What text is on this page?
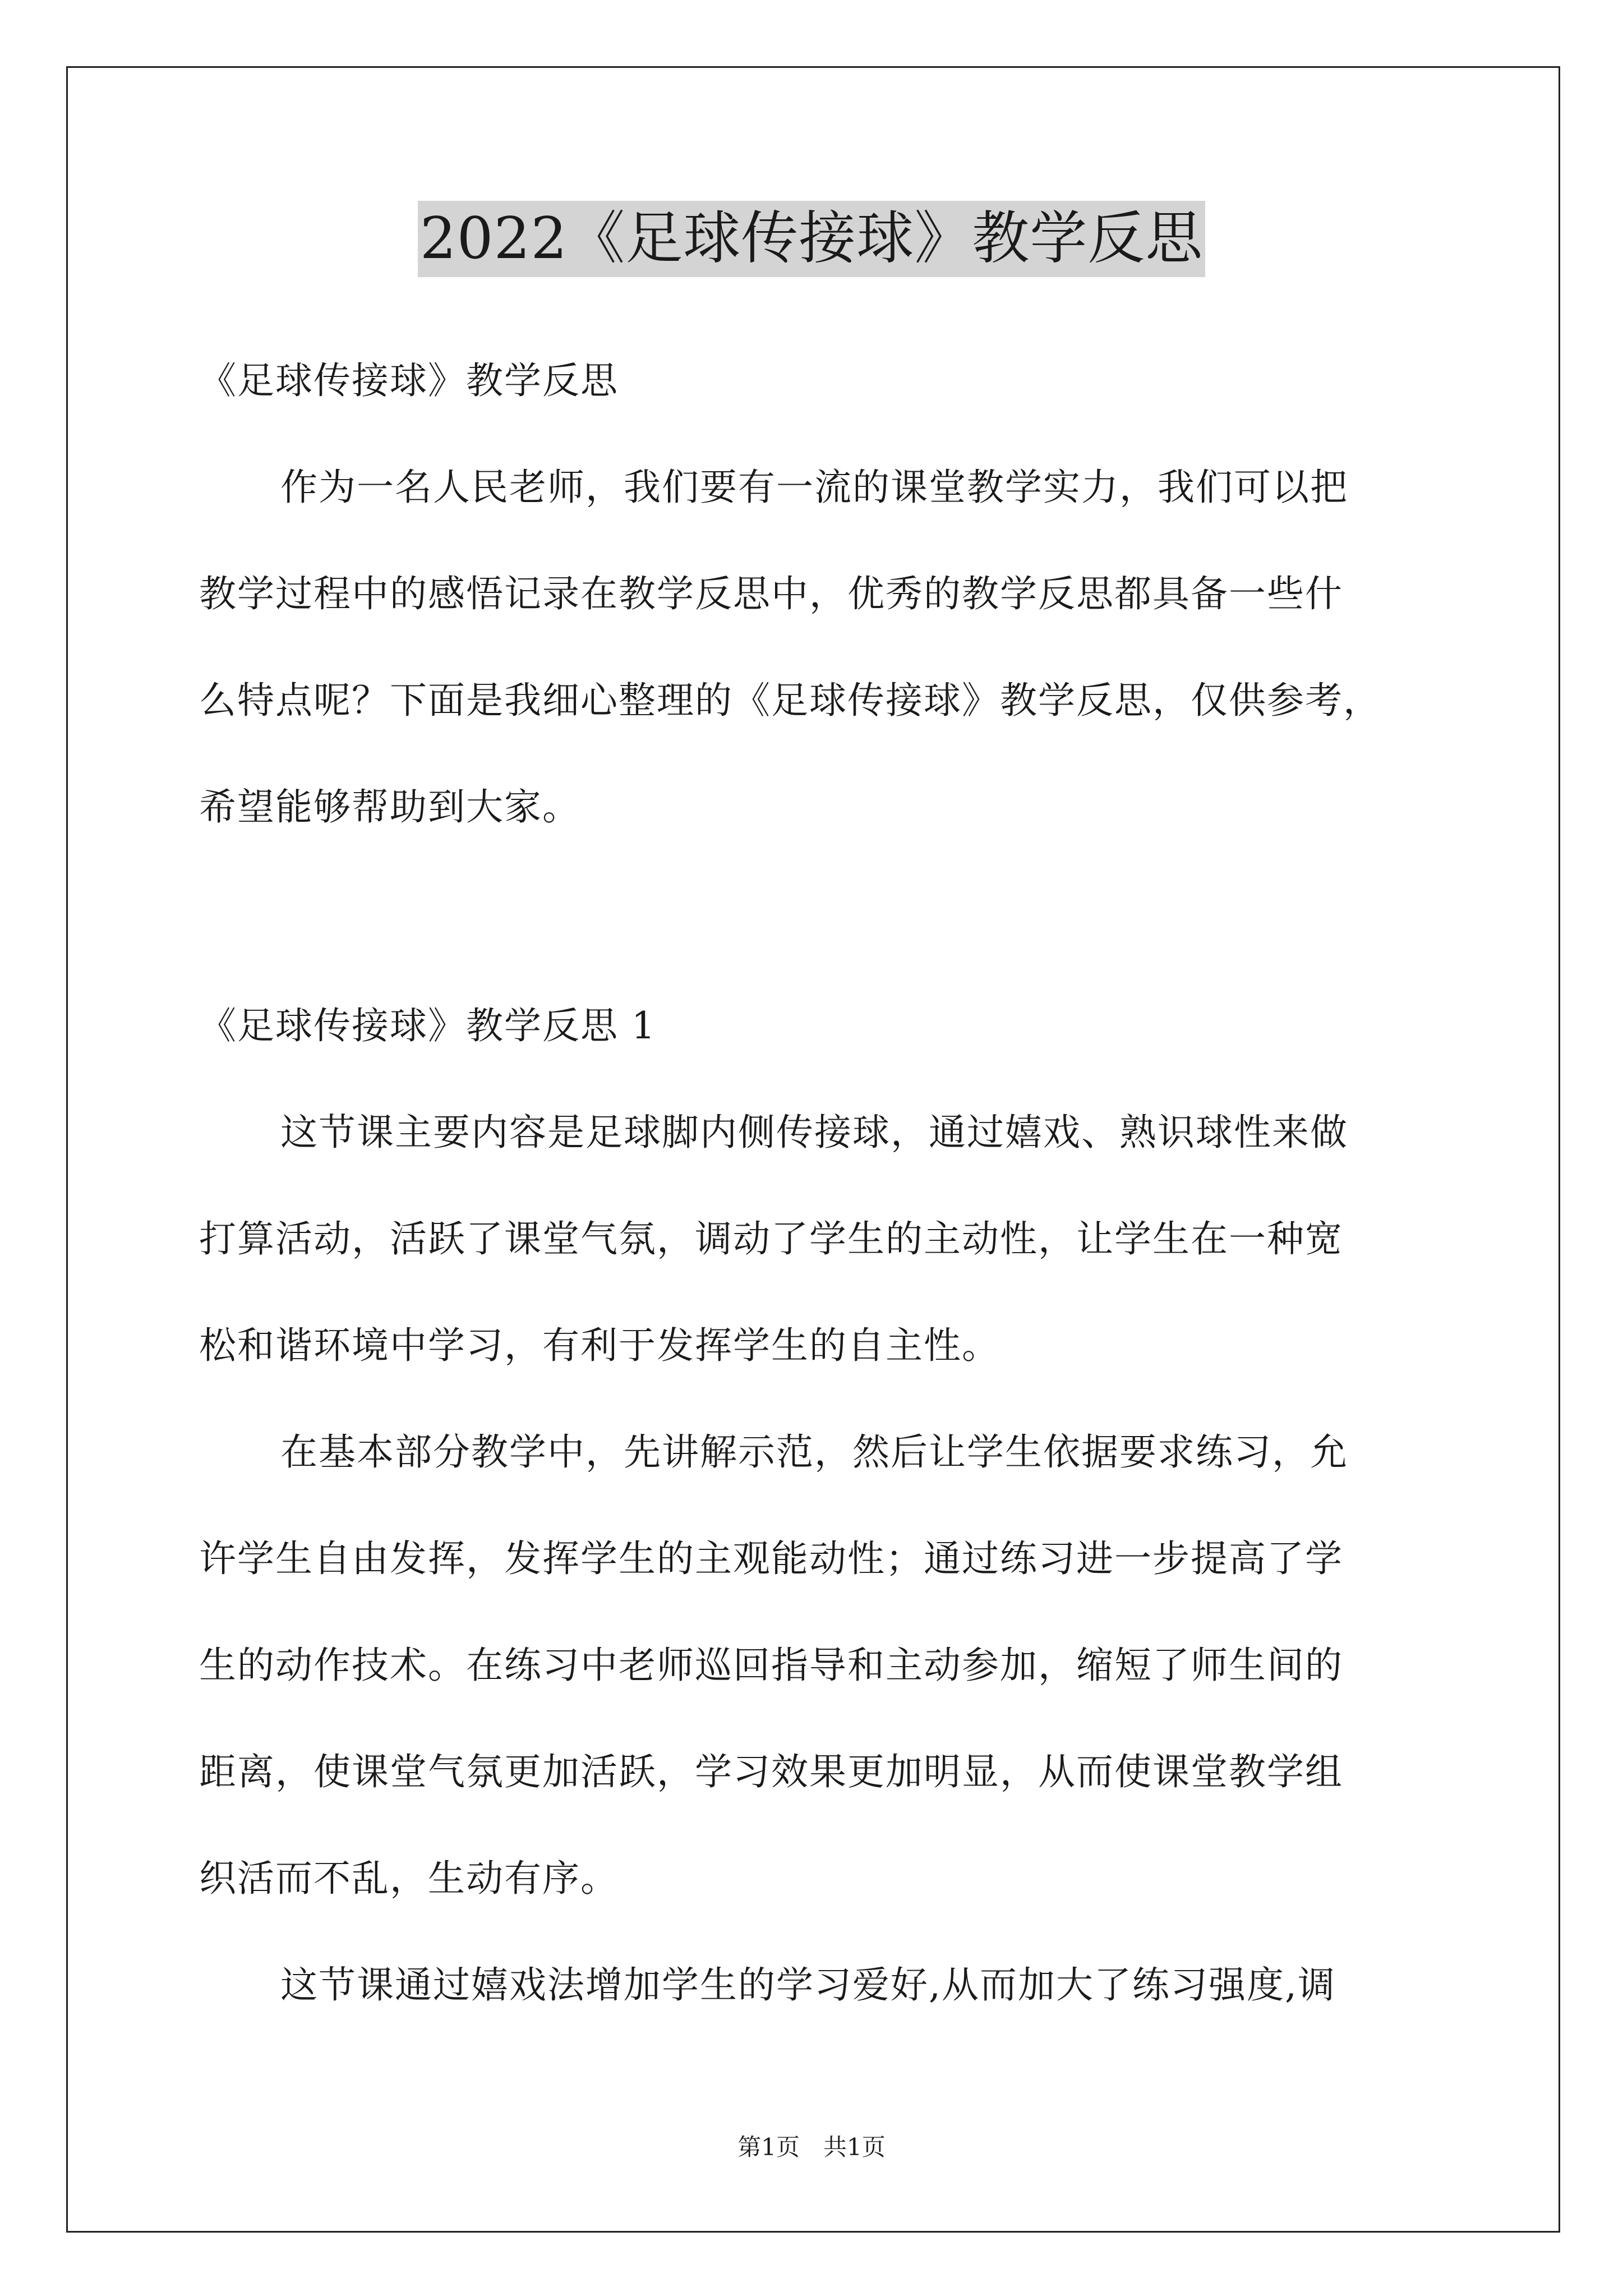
2022《足球传接球》教学反思
《足球传接球》教学反思
作为一名人民老师，我们要有一流的课堂教学实力，我们可以把
教学过程中的感悟记录在教学反思中，优秀的教学反思都具备一些什
么特点呢？下面是我细心整理的《足球传接球》教学反思，仅供参考，
希望能够帮助到大家。
《足球传接球》教学反思 1
这节课主要内容是足球脚内侧传接球，通过嬉戏、熟识球性来做
打算活动，活跃了课堂气氛，调动了学生的主动性，让学生在一种宽
松和谐环境中学习，有利于发挥学生的自主性。
在基本部分教学中，先讲解示范，然后让学生依据要求练习，允
许学生自由发挥，发挥学生的主观能动性；通过练习进一步提高了学
生的动作技术。在练习中老师巡回指导和主动参加，缩短了师生间的
距离，使课堂气氛更加活跃，学习效果更加明显，从而使课堂教学组
织活而不乱，生动有序。
这节课通过嬉戏法增加学生的学习爱好,从而加大了练习强度,调
第1页　共1页
